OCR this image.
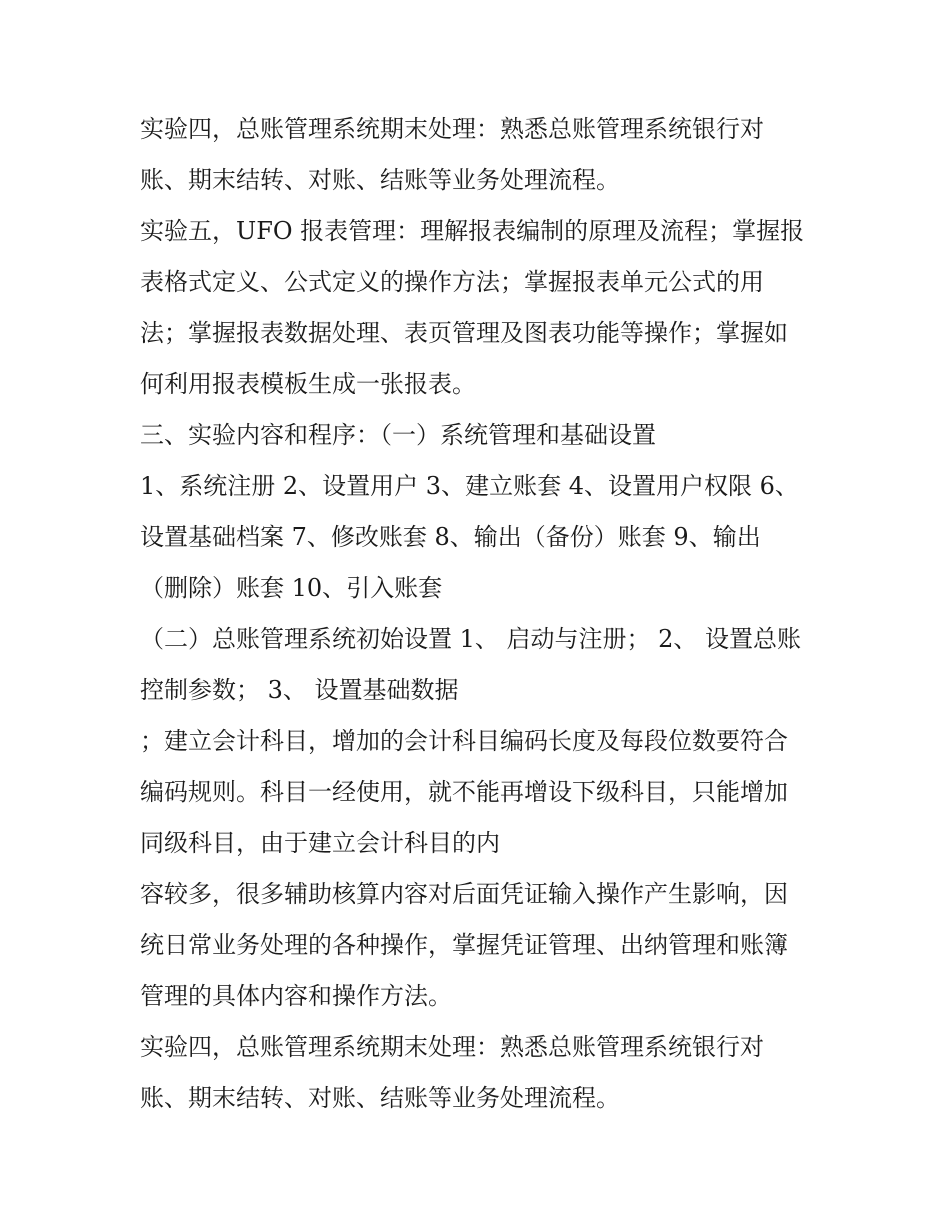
实验四，总账管理系统期末处理：熟悉总账管理系统银行对
账、期末结转、对账、结账等业务处理流程。
实验五，UFO 报表管理：理解报表编制的原理及流程；掌握报
表格式定义、公式定义的操作方法；掌握报表单元公式的用
法；掌握报表数据处理、表页管理及图表功能等操作；掌握如
何利用报表模板生成一张报表。
三、实验内容和程序：（一）系统管理和基础设置
1、系统注册 2、设置用户 3、建立账套 4、设置用户权限 6、
设置基础档案 7、修改账套 8、输出（备份）账套 9、输出
（删除）账套 10、引入账套
（二）总账管理系统初始设置 1、 启动与注册； 2、 设置总账
控制参数； 3、 设置基础数据
；建立会计科目，增加的会计科目编码长度及每段位数要符合
编码规则。科目一经使用，就不能再增设下级科目，只能增加
同级科目，由于建立会计科目的内
容较多，很多辅助核算内容对后面凭证输入操作产生影响，因
统日常业务处理的各种操作，掌握凭证管理、出纳管理和账簿
管理的具体内容和操作方法。
实验四，总账管理系统期末处理：熟悉总账管理系统银行对
账、期末结转、对账、结账等业务处理流程。
